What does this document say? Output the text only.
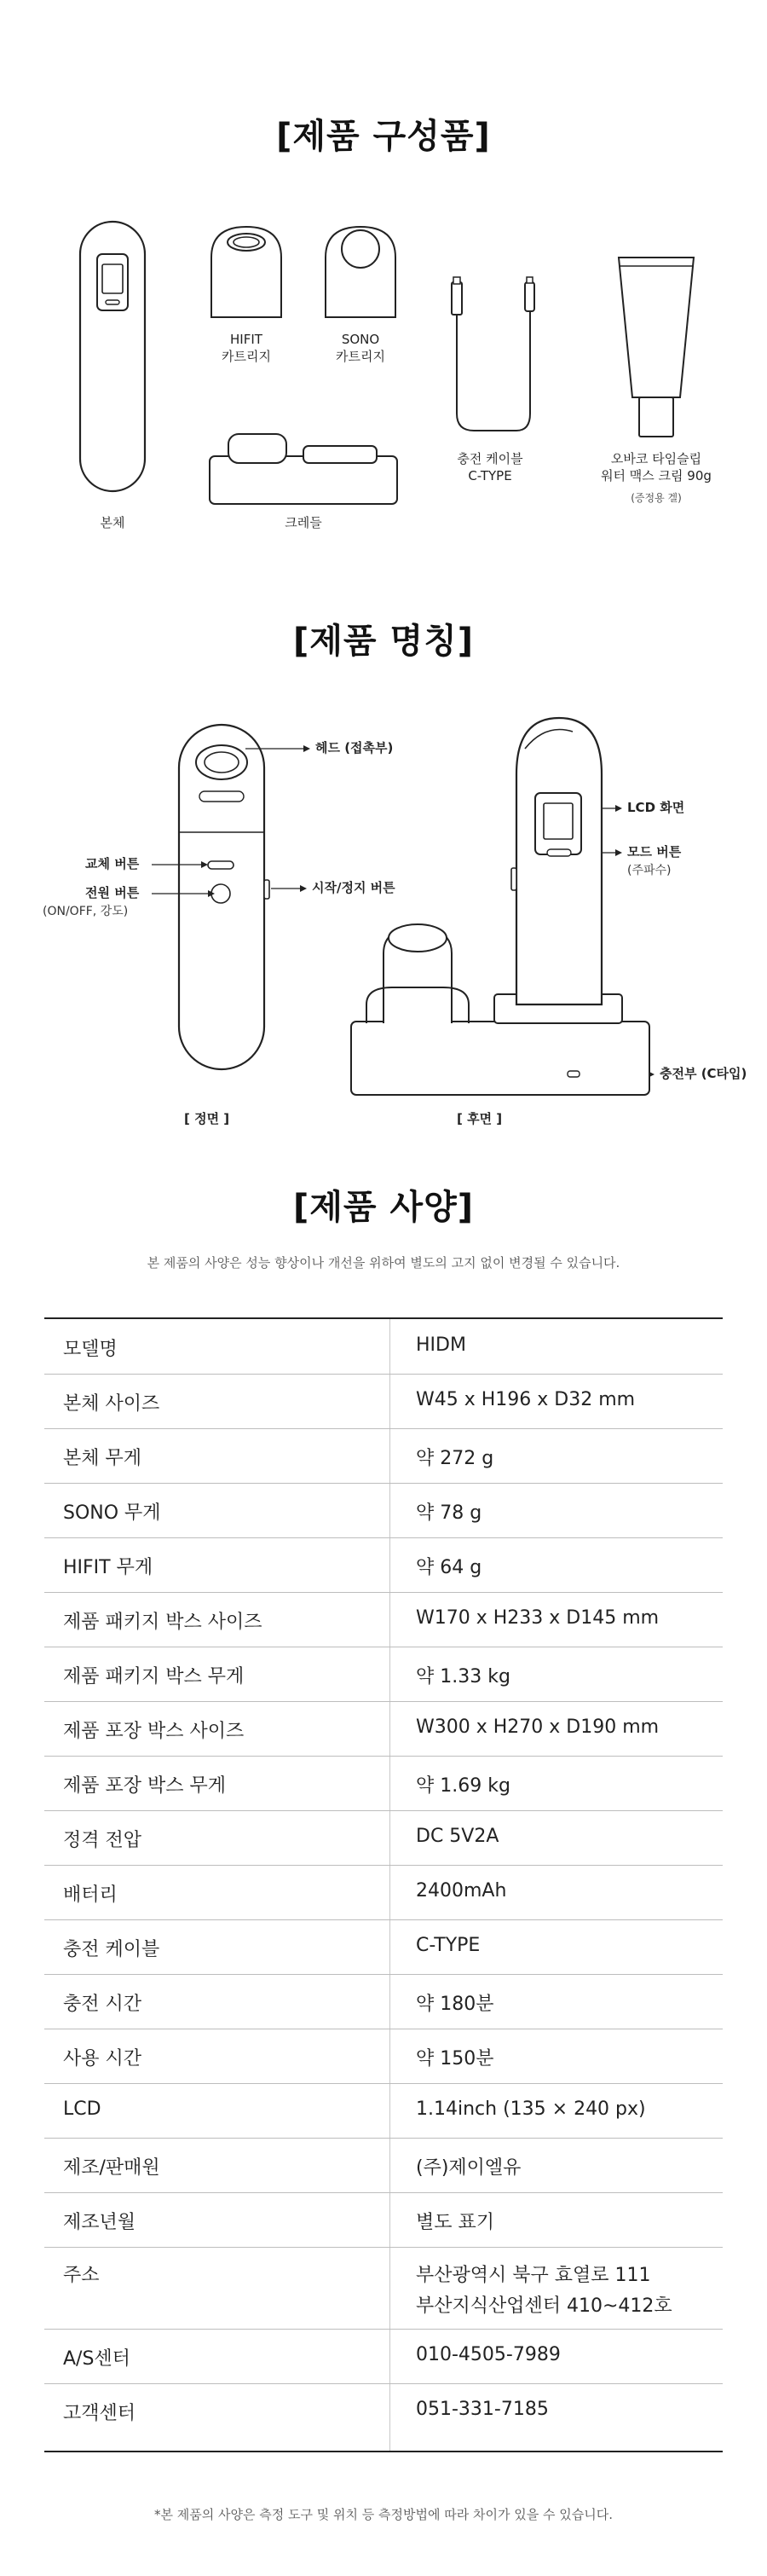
[제품 구성품]
본체
HIFIT
카트리지
SONO
카트리지
크레들
충전 케이블
C-TYPE
오바코 타임슬립
워터 맥스 크림 90g
(증정용 겔)
[제품 명칭]
헤드 (접촉부)
교체 버튼
전원 버튼
(ON/OFF, 강도)
시작/정지 버튼
[ 정면 ]
LCD 화면
모드 버튼
(주파수)
충전부 (C타입)
[ 후면 ]
[제품 사양]
본 제품의 사양은 성능 향상이나 개선을 위하여 별도의 고지 없이 변경될 수 있습니다.
모델명	HIDM
본체 사이즈	W45 x H196 x D32 mm
본체 무게	약 272 g
SONO 무게	약 78 g
HIFIT 무게	약 64 g
제품 패키지 박스 사이즈	W170 x H233 x D145 mm
제품 패키지 박스 무게	약 1.33 kg
제품 포장 박스 사이즈	W300 x H270 x D190 mm
제품 포장 박스 무게	약 1.69 kg
정격 전압	DC 5V2A
배터리	2400mAh
충전 케이블	C-TYPE
충전 시간	약 180분
사용 시간	약 150분
LCD	1.14inch (135 × 240 px)
제조/판매원	(주)제이엘유
제조년월	별도 표기
주소	부산광역시 북구 효열로 111
부산지식산업센터 410~412호
A/S센터	010-4505-7989
고객센터	051-331-7185
*본 제품의 사양은 측정 도구 및 위치 등 측정방법에 따라 차이가 있을 수 있습니다.
